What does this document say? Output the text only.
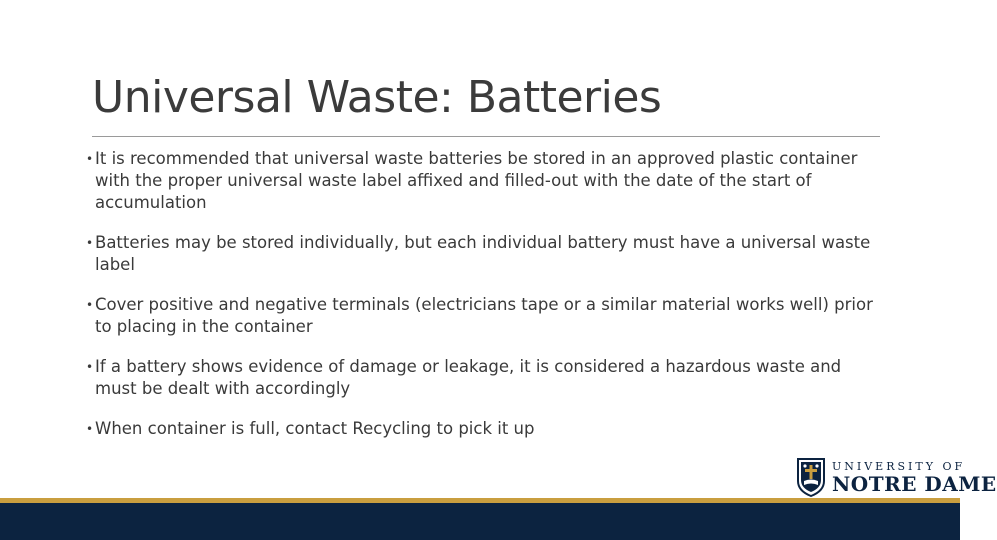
Universal Waste: Batteries
• It is recommended that universal waste batteries be stored in an approved plastic container with the proper universal waste label affixed and filled-out with the date of the start of accumulation
• Batteries may be stored individually, but each individual battery must have a universal waste label
• Cover positive and negative terminals (electricians tape or a similar material works well) prior to placing in the container
• If a battery shows evidence of damage or leakage, it is considered a hazardous waste and must be dealt with accordingly
• When container is full, contact Recycling to pick it up
UNIVERSITY OF
NOTRE DAME
